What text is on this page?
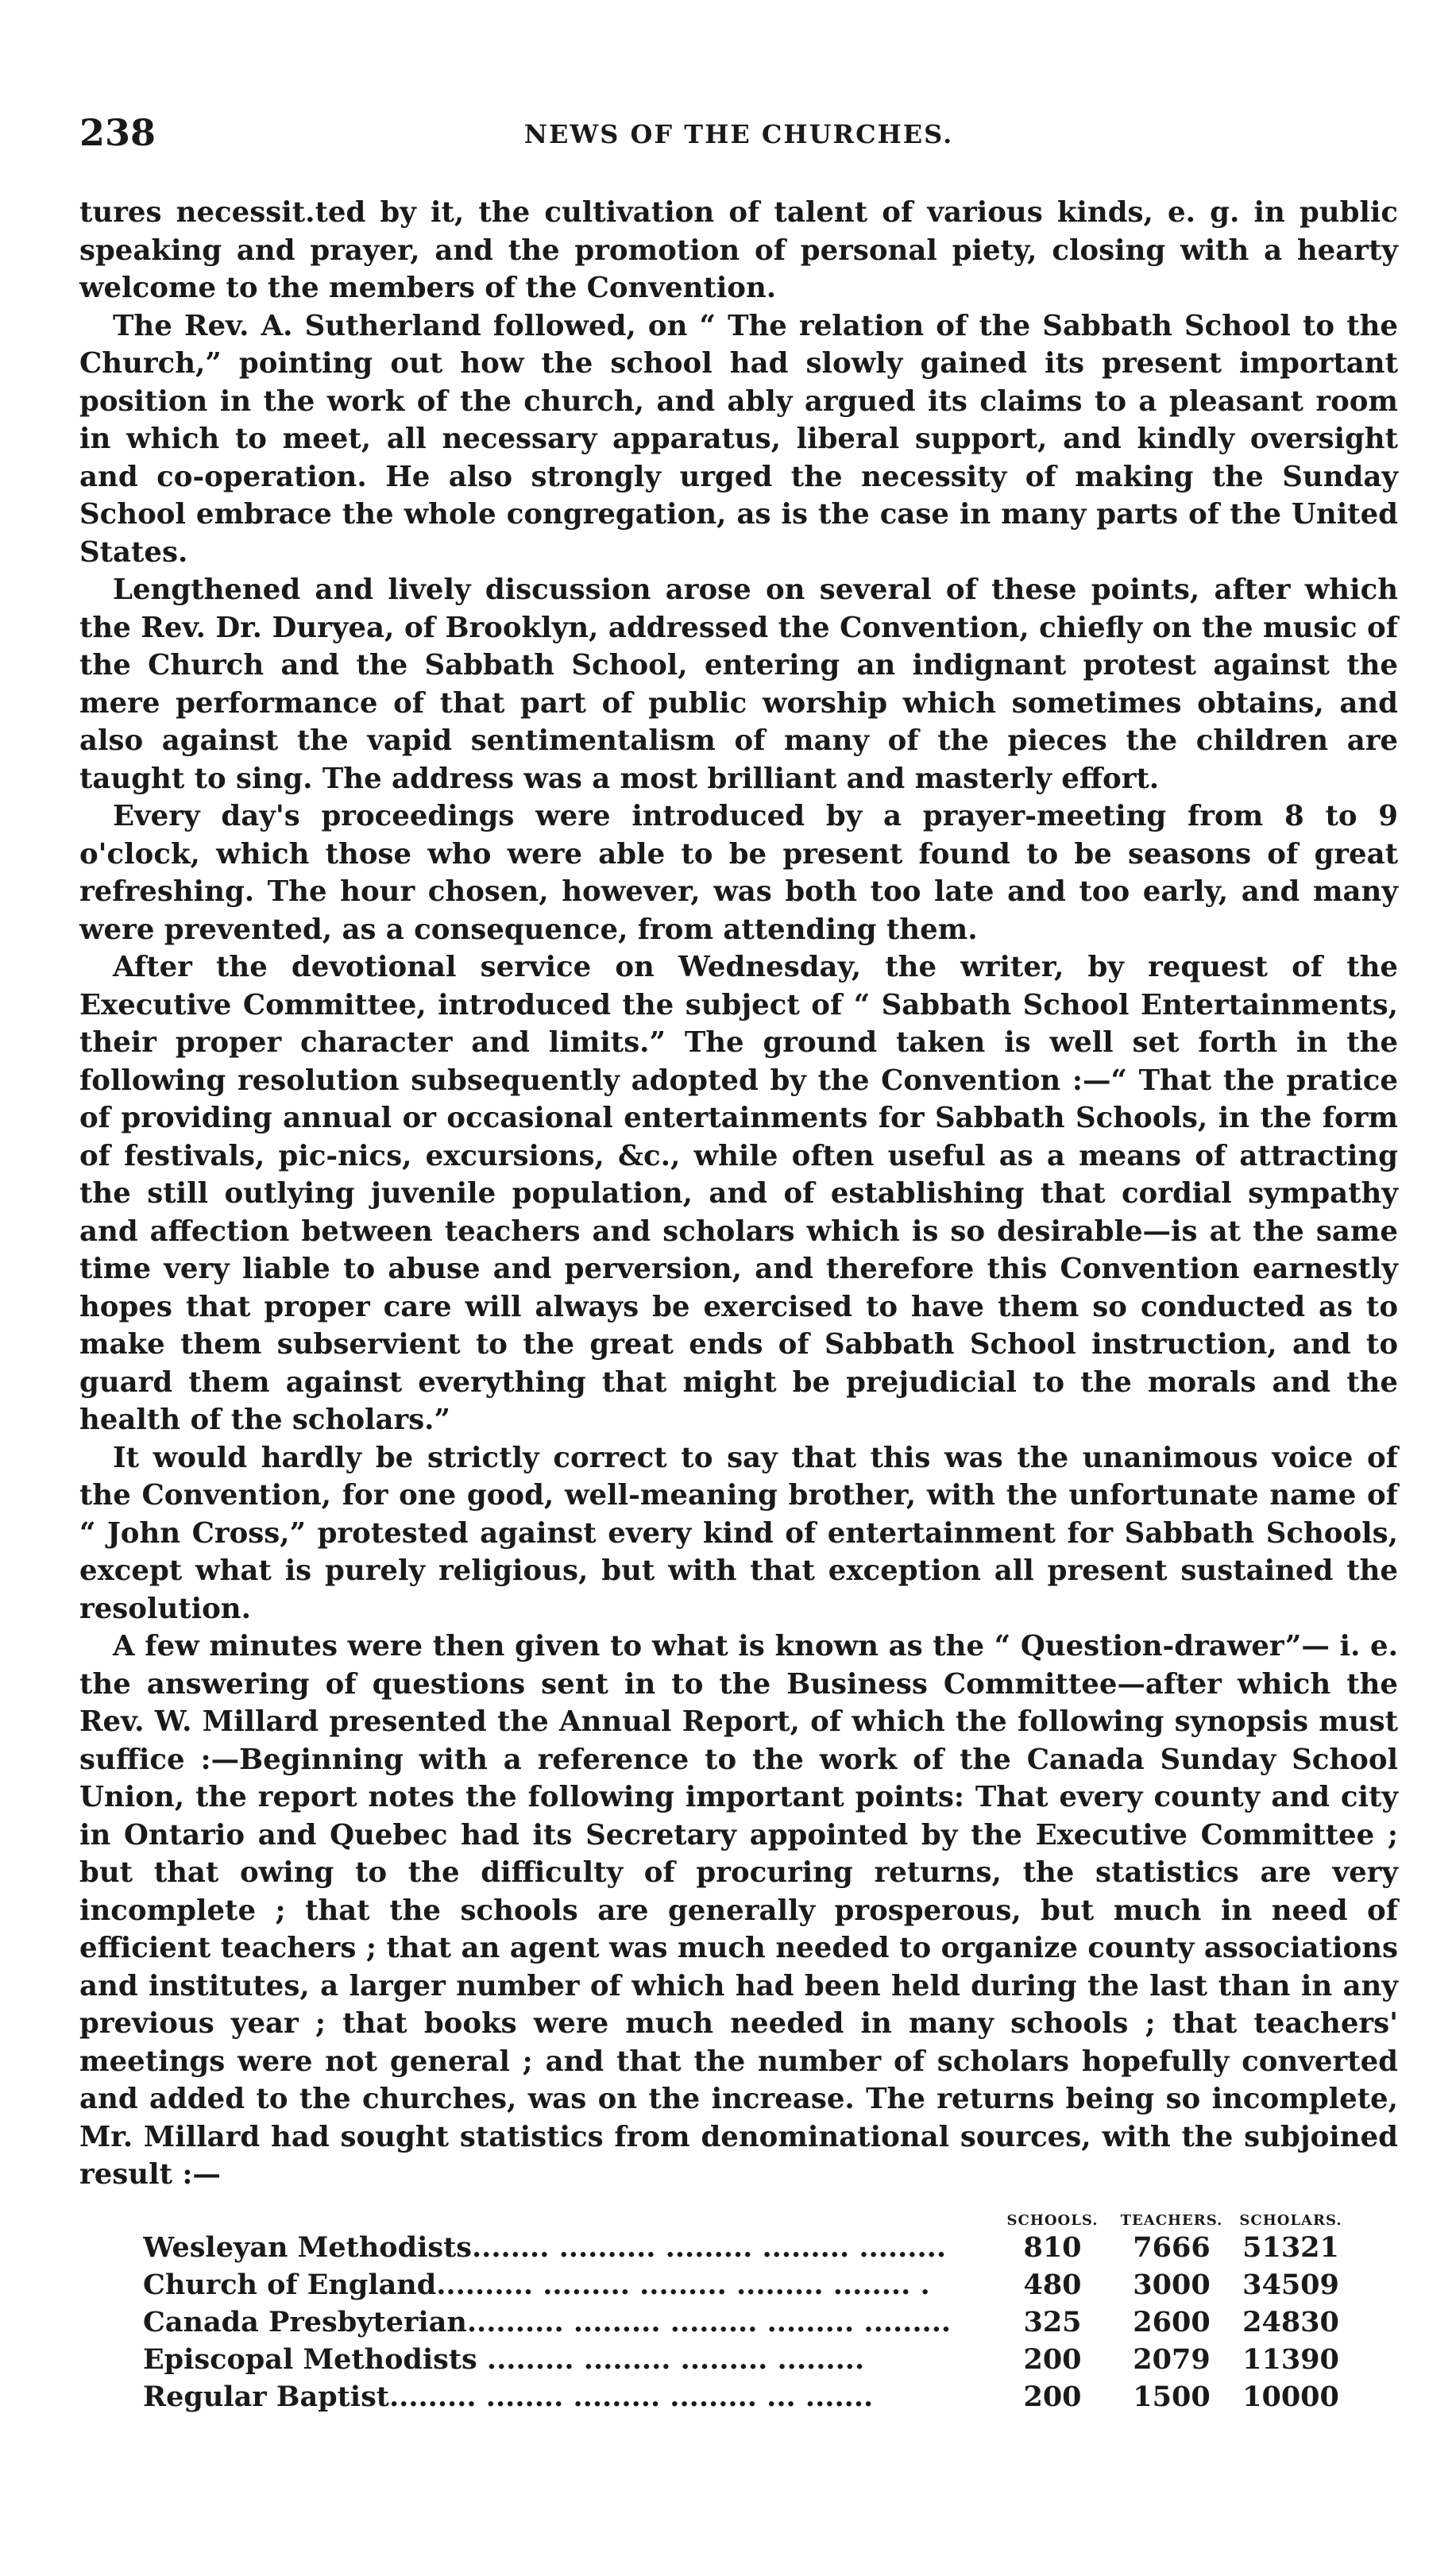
238	NEWS OF THE CHURCHES.

tures necessit.ted by it, the cultivation of talent of various kinds, e. g. in public speaking and prayer, and the promotion of personal piety, closing with a hearty welcome to the members of the Convention.

The Rev. A. Sutherland followed, on “ The relation of the Sabbath School to the Church,” pointing out how the school had slowly gained its present important position in the work of the church, and ably argued its claims to a pleasant room in which to meet, all necessary apparatus, liberal support, and kindly oversight and co-operation. He also strongly urged the necessity of making the Sunday School embrace the whole congregation, as is the case in many parts of the United States.

Lengthened and lively discussion arose on several of these points, after which the Rev. Dr. Duryea, of Brooklyn, addressed the Convention, chiefly on the music of the Church and the Sabbath School, entering an indignant protest against the mere performance of that part of public worship which sometimes obtains, and also against the vapid sentimentalism of many of the pieces the children are taught to sing. The address was a most brilliant and masterly effort.

Every day's proceedings were introduced by a prayer-meeting from 8 to 9 o'clock, which those who were able to be present found to be seasons of great refreshing. The hour chosen, however, was both too late and too early, and many were prevented, as a consequence, from attending them.

After the devotional service on Wednesday, the writer, by request of the Executive Committee, introduced the subject of “ Sabbath School Entertainments, their proper character and limits.” The ground taken is well set forth in the following resolution subsequently adopted by the Convention :—“ That the pratice of providing annual or occasional entertainments for Sabbath Schools, in the form of festivals, pic-nics, excursions, &c., while often useful as a means of attracting the still outlying juvenile population, and of establishing that cordial sympathy and affection between teachers and scholars which is so desirable—is at the same time very liable to abuse and perversion, and therefore this Convention earnestly hopes that proper care will always be exercised to have them so conducted as to make them subservient to the great ends of Sabbath School instruction, and to guard them against everything that might be prejudicial to the morals and the health of the scholars.”

It would hardly be strictly correct to say that this was the unanimous voice of the Convention, for one good, well-meaning brother, with the unfortunate name of “ John Cross,” protested against every kind of entertainment for Sabbath Schools, except what is purely religious, but with that exception all present sustained the resolution.

A few minutes were then given to what is known as the “ Question-drawer”— i. e. the answering of questions sent in to the Business Committee—after which the Rev. W. Millard presented the Annual Report, of which the following synopsis must suffice :—Beginning with a reference to the work of the Canada Sunday School Union, the report notes the following important points: That every county and city in Ontario and Quebec had its Secretary appointed by the Executive Committee ; but that owing to the difficulty of procuring returns, the statistics are very incomplete ; that the schools are generally prosperous, but much in need of efficient teachers ; that an agent was much needed to organize county associations and institutes, a larger number of which had been held during the last than in any previous year ; that books were much needed in many schools ; that teachers' meetings were not general ; and that the number of scholars hopefully converted and added to the churches, was on the increase. The returns being so incomplete, Mr. Millard had sought statistics from denominational sources, with the subjoined result :—

SCHOOLS.	TEACHERS.	SCHOLARS.
Wesleyan Methodists........ .......... ......... ......... .........	810	7666	51321
Church of England.......... ......... ......... ......... ........ .	480	3000	34509
Canada Presbyterian.......... ......... ......... ......... .........	325	2600	24830
Episcopal Methodists ......... ......... ......... .........	200	2079	11390
Regular Baptist......... ........ ......... ......... ... .......	200	1500	10000
